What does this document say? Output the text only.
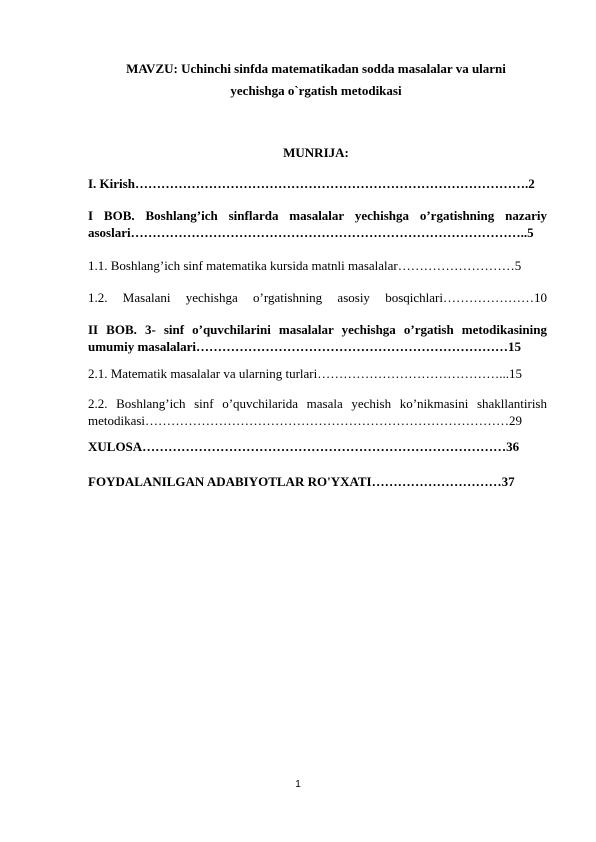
MAVZU: Uchinchi sinfda matematikadan sodda masalalar va ularni
yechishga o`rgatish metodikasi
MUNRIJA:
I. Kirish……………………………………………………………………………….2
I BOB. Boshlang’ich sinflarda masalalar yechishga o’rgatishning nazariy
asoslari………………………………………………………………………………..5
1.1. Boshlang’ich sinf matematika kursida matnli masalalar………………………5
1.2. Masalani yechishga o’rgatishning asosiy bosqichlari…………………10
II BOB. 3- sinf o’quvchilarini masalalar yechishga o’rgatish metodikasining
umumiy masalalari………………………………………………………………15
2.1. Matematik masalalar va ularning turlari……………………………………...15
2.2. Boshlang’ich sinf o’quvchilarida masala yechish ko’nikmasini shakllantirish
metodikasi…………………………………………………………………………29
XULOSA…………………………………………………………………………36
FOYDALANILGAN ADABIYOTLAR RO'YXATI…………………………37
1
